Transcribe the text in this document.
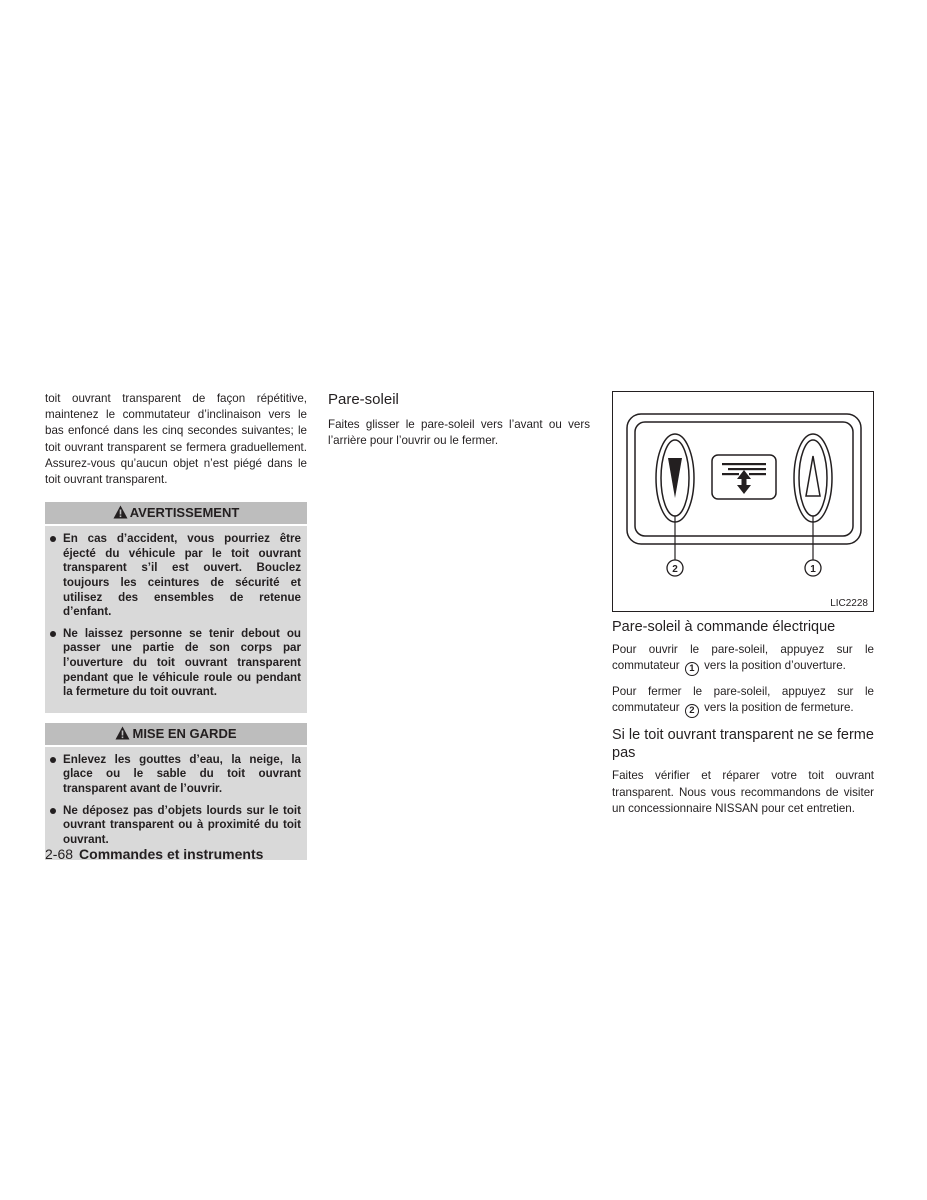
toit ouvrant transparent de façon répétitive, maintenez le commutateur d’inclinaison vers le bas enfoncé dans les cinq secondes suivantes; le toit ouvrant transparent se fermera graduellement. Assurez-vous qu’aucun objet n’est piégé dans le toit ouvrant transparent.

AVERTISSEMENT
En cas d’accident, vous pourriez être éjecté du véhicule par le toit ouvrant transparent s’il est ouvert. Bouclez toujours les ceintures de sécurité et utilisez des ensembles de retenue d’enfant.
Ne laissez personne se tenir debout ou passer une partie de son corps par l’ouverture du toit ouvrant transparent pendant que le véhicule roule ou pendant la fermeture du toit ouvrant.
MISE EN GARDE
Enlevez les gouttes d’eau, la neige, la glace ou le sable du toit ouvrant transparent avant de l’ouvrir.
Ne déposez pas d’objets lourds sur le toit ouvrant transparent ou à proximité du toit ouvrant.
Pare-soleil

Faites glisser le pare-soleil vers l’avant ou vers l’arrière pour l’ouvrir ou le fermer.

2	1
LIC2228
Pare-soleil à commande électrique

Pour ouvrir le pare-soleil, appuyez sur le commutateur 1 vers la position d’ouverture.

Pour fermer le pare-soleil, appuyez sur le commutateur 2 vers la position de fermeture.

Si le toit ouvrant transparent ne se ferme pas

Faites vérifier et réparer votre toit ouvrant transparent. Nous vous recommandons de visiter un concessionnaire NISSAN pour cet entretien.

2-68 Commandes et instruments
